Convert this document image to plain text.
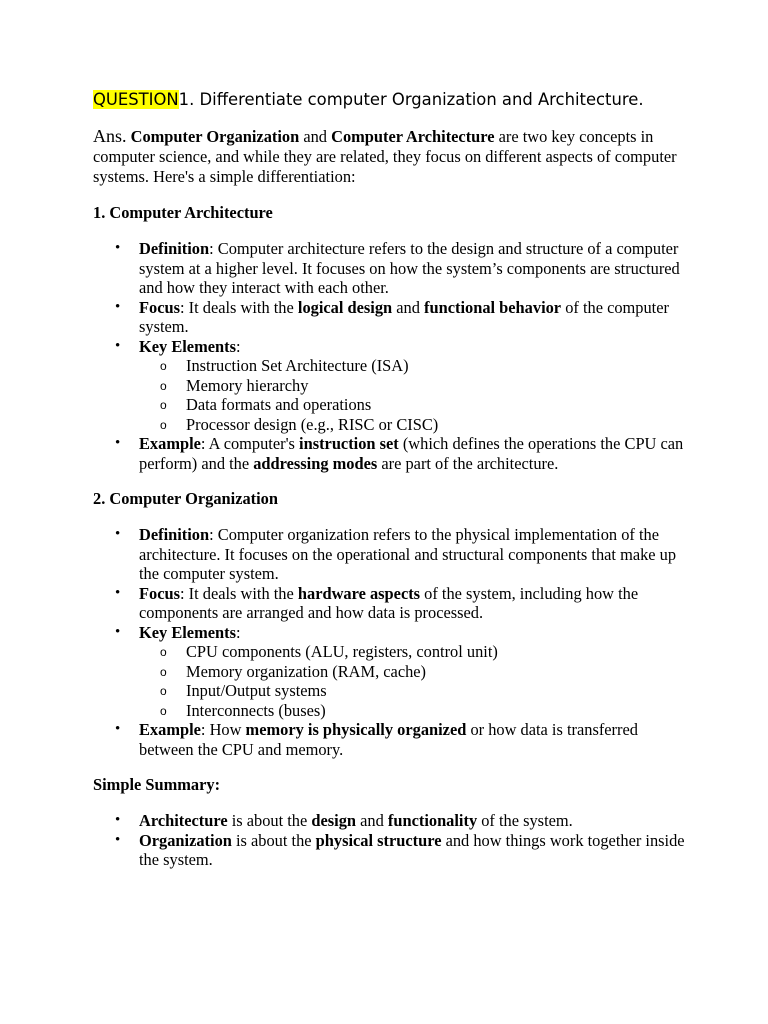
QUESTION1. Differentiate computer Organization and Architecture.

Ans. Computer Organization and Computer Architecture are two key concepts in computer science, and while they are related, they focus on different aspects of computer systems. Here's a simple differentiation:

1. Computer Architecture
• Definition: Computer architecture refers to the design and structure of a computer system at a higher level. It focuses on how the system’s components are structured and how they interact with each other.
• Focus: It deals with the logical design and functional behavior of the computer system.
• Key Elements:
o Instruction Set Architecture (ISA)
o Memory hierarchy
o Data formats and operations
o Processor design (e.g., RISC or CISC)
• Example: A computer's instruction set (which defines the operations the CPU can perform) and the addressing modes are part of the architecture.
2. Computer Organization
• Definition: Computer organization refers to the physical implementation of the architecture. It focuses on the operational and structural components that make up the computer system.
• Focus: It deals with the hardware aspects of the system, including how the components are arranged and how data is processed.
• Key Elements:
o CPU components (ALU, registers, control unit)
o Memory organization (RAM, cache)
o Input/Output systems
o Interconnects (buses)
• Example: How memory is physically organized or how data is transferred between the CPU and memory.
Simple Summary:
• Architecture is about the design and functionality of the system.
• Organization is about the physical structure and how things work together inside the system.
